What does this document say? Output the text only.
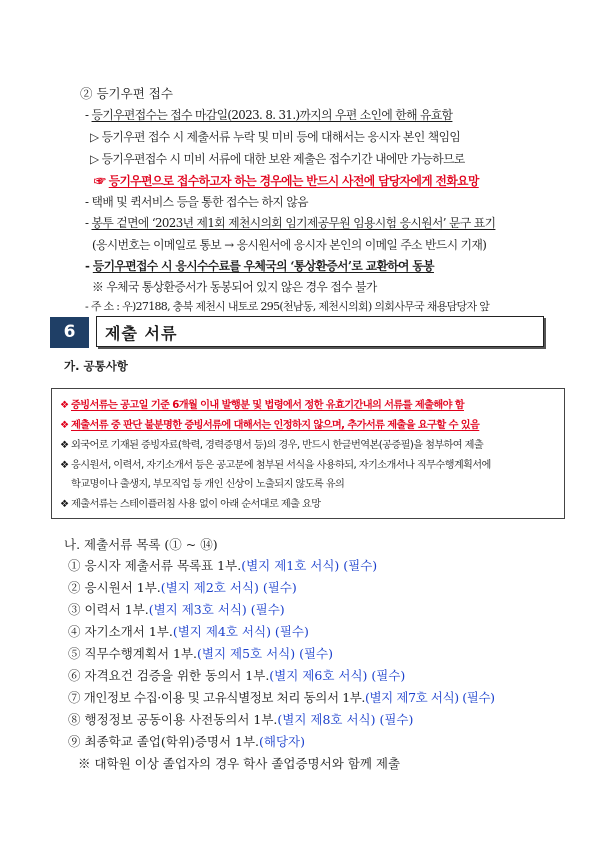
② 등기우편 접수
- 등기우편접수는 접수 마감일(2023. 8. 31.)까지의 우편 소인에 한해 유효함
▷ 등기우편 접수 시 제출서류 누락 및 미비 등에 대해서는 응시자 본인 책임임
▷ 등기우편접수 시 미비 서류에 대한 보완 제출은 접수기간 내에만 가능하므로
☞ 등기우편으로 접수하고자 하는 경우에는 반드시 사전에 담당자에게 전화요망
- 택배 및 퀵서비스 등을 통한 접수는 하지 않음
- 봉투 겉면에 ‘2023년 제1회 제천시의회 임기제공무원 임용시험 응시원서’ 문구 표기
(응시번호는 이메일로 통보 → 응시원서에 응시자 본인의 이메일 주소 반드시 기재)
- 등기우편접수 시 응시수수료를 우체국의 ‘통상환증서’로 교환하여 동봉
※ 우체국 통상환증서가 동봉되어 있지 않은 경우 접수 불가
- 주 소 : 우)27188, 충북 제천시 내토로 295(천남동, 제천시의회) 의회사무국 채용담당자 앞
6	제출 서류
가. 공통사항
❖ 증빙서류는 공고일 기준 6개월 이내 발행분 및 법령에서 정한 유효기간내의 서류를 제출해야 함
❖ 제출서류 중 판단 불분명한 증빙서류에 대해서는 인정하지 않으며, 추가서류 제출을 요구할 수 있음
❖ 외국어로 기재된 증빙자료(학력, 경력증명서 등)의 경우, 반드시 한글번역본(공증필)을 첨부하여 제출
❖ 응시원서, 이력서, 자기소개서 등은 공고문에 첨부된 서식을 사용하되, 자기소개서나 직무수행계획서에
학교명이나 출생지, 부모직업 등 개인 신상이 노출되지 않도록 유의
❖ 제출서류는 스테이플러침 사용 없이 아래 순서대로 제출 요망
나. 제출서류 목록 (① ~ ⑭)
① 응시자 제출서류 목록표 1부.(별지 제1호 서식) (필수)
② 응시원서 1부.(별지 제2호 서식) (필수)
③ 이력서 1부.(별지 제3호 서식) (필수)
④ 자기소개서 1부.(별지 제4호 서식) (필수)
⑤ 직무수행계획서 1부.(별지 제5호 서식) (필수)
⑥ 자격요건 검증을 위한 동의서 1부.(별지 제6호 서식) (필수)
⑦ 개인정보 수집·이용 및 고유식별정보 처리 동의서 1부.(별지 제7호 서식) (필수)
⑧ 행정정보 공동이용 사전동의서 1부.(별지 제8호 서식) (필수)
⑨ 최종학교 졸업(학위)증명서 1부.(해당자)
※ 대학원 이상 졸업자의 경우 학사 졸업증명서와 함께 제출
